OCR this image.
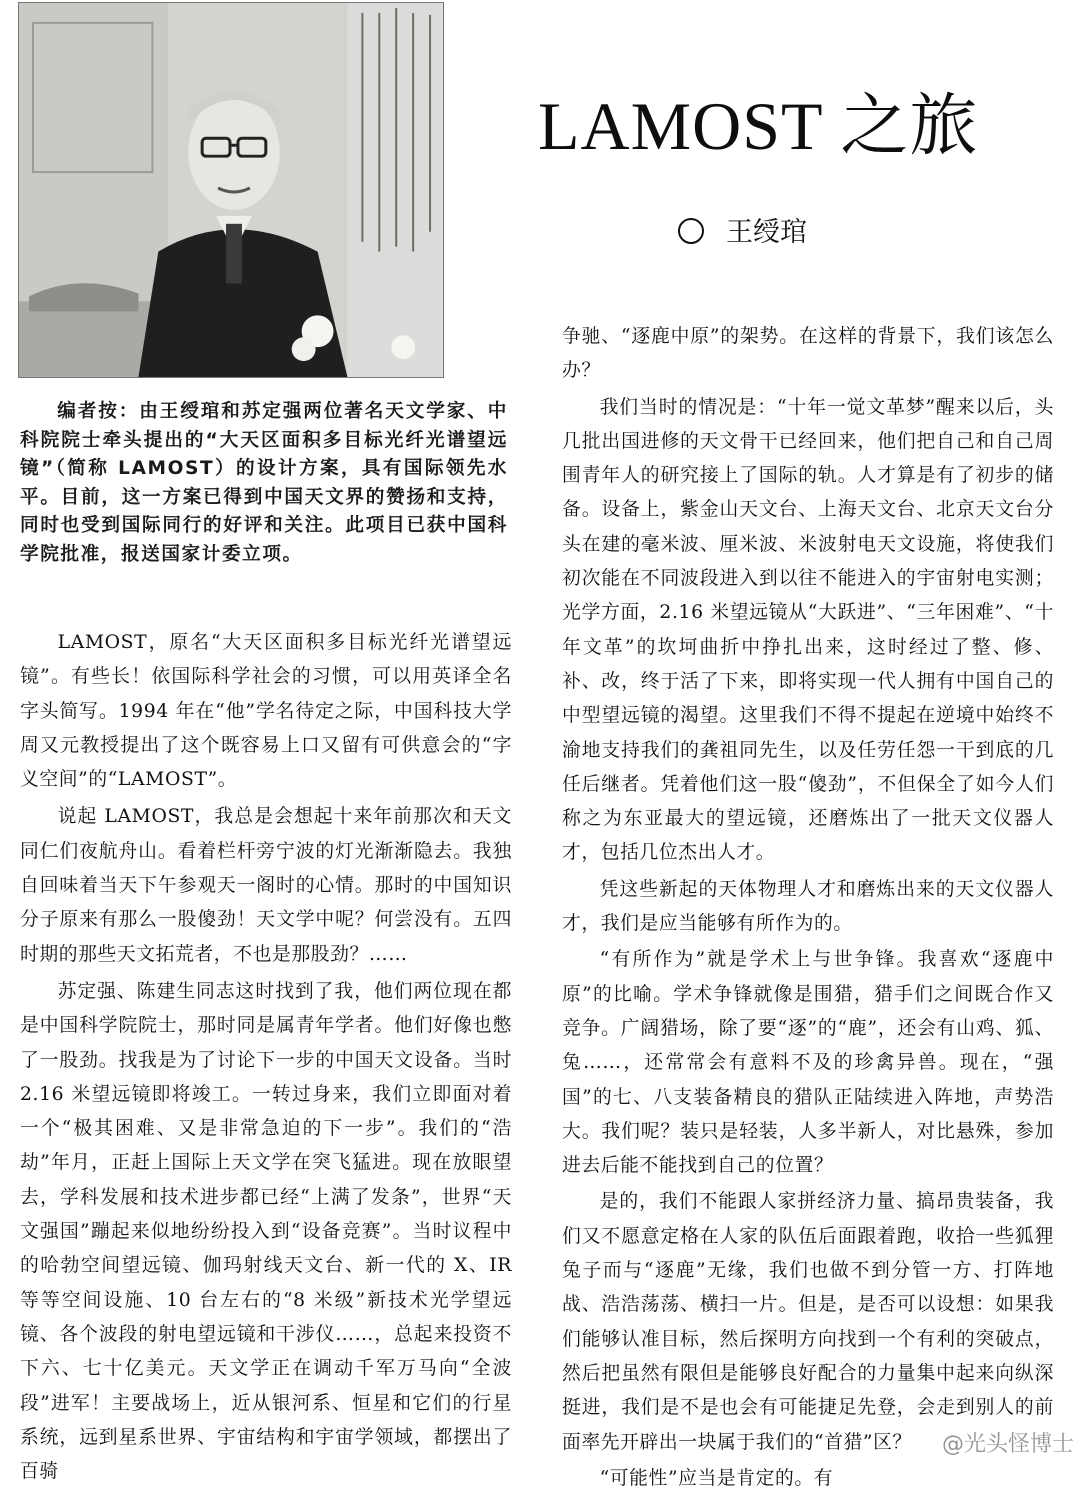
LAMOST 之旅
王绶琯

编者按：由王绶琯和苏定强两位著名天文学家、中科院院士牵头提出的“大天区面积多目标光纤光谱望远镜”（简称 LAMOST）的设计方案，具有国际领先水平。目前，这一方案已得到中国天文界的赞扬和支持，同时也受到国际同行的好评和关注。此项目已获中国科学院批准，报送国家计委立项。

LAMOST，原名“大天区面积多目标光纤光谱望远镜”。有些长！依国际科学社会的习惯，可以用英译全名字头简写。1994 年在“他”学名待定之际，中国科技大学周又元教授提出了这个既容易上口又留有可供意会的“字义空间”的“LAMOST”。

说起 LAMOST，我总是会想起十来年前那次和天文同仁们夜航舟山。看着栏杆旁宁波的灯光渐渐隐去。我独自回味着当天下午参观天一阁时的心情。那时的中国知识分子原来有那么一股傻劲！天文学中呢？何尝没有。五四时期的那些天文拓荒者，不也是那股劲？……

苏定强、陈建生同志这时找到了我，他们两位现在都是中国科学院院士，那时同是属青年学者。他们好像也憋了一股劲。找我是为了讨论下一步的中国天文设备。当时 2.16 米望远镜即将竣工。一转过身来，我们立即面对着一个“极其困难、又是非常急迫的下一步”。我们的“浩劫”年月，正赶上国际上天文学在突飞猛进。现在放眼望去，学科发展和技术进步都已经“上满了发条”，世界“天文强国”蹦起来似地纷纷投入到“设备竞赛”。当时议程中的哈勃空间望远镜、伽玛射线天文台、新一代的 X、IR 等等空间设施、10 台左右的“8 米级”新技术光学望远镜、各个波段的射电望远镜和干涉仪……，总起来投资不下六、七十亿美元。天文学正在调动千军万马向“全波段”进军！主要战场上，近从银河系、恒星和它们的行星系统，远到星系世界、宇宙结构和宇宙学领域，都摆出了百骑

争驰、“逐鹿中原”的架势。在这样的背景下，我们该怎么办？

我们当时的情况是：“十年一觉文革梦”醒来以后，头几批出国进修的天文骨干已经回来，他们把自己和自己周围青年人的研究接上了国际的轨。人才算是有了初步的储备。设备上，紫金山天文台、上海天文台、北京天文台分头在建的毫米波、厘米波、米波射电天文设施，将使我们初次能在不同波段进入到以往不能进入的宇宙射电实测；光学方面，2.16 米望远镜从“大跃进”、“三年困难”、“十年文革”的坎坷曲折中挣扎出来，这时经过了整、修、补、改，终于活了下来，即将实现一代人拥有中国自己的中型望远镜的渴望。这里我们不得不提起在逆境中始终不渝地支持我们的龚祖同先生，以及任劳任怨一干到底的几任后继者。凭着他们这一股“傻劲”，不但保全了如今人们称之为东亚最大的望远镜，还磨炼出了一批天文仪器人才，包括几位杰出人才。

凭这些新起的天体物理人才和磨炼出来的天文仪器人才，我们是应当能够有所作为的。

“有所作为”就是学术上与世争锋。我喜欢“逐鹿中原”的比喻。学术争锋就像是围猎，猎手们之间既合作又竞争。广阔猎场，除了要“逐”的“鹿”，还会有山鸡、狐、兔……，还常常会有意料不及的珍禽异兽。现在，“强国”的七、八支装备精良的猎队正陆续进入阵地，声势浩大。我们呢？装只是轻装，人多半新人，对比悬殊，参加进去后能不能找到自己的位置？

是的，我们不能跟人家拼经济力量、搞昂贵装备，我们又不愿意定格在人家的队伍后面跟着跑，收拾一些狐狸兔子而与“逐鹿”无缘，我们也做不到分管一方、打阵地战、浩浩荡荡、横扫一片。但是，是否可以设想：如果我们能够认准目标，然后探明方向找到一个有利的突破点，然后把虽然有限但是能够良好配合的力量集中起来向纵深挺进，我们是不是也会有可能捷足先登，会走到别人的前面率先开辟出一块属于我们的“首猎”区？

“可能性”应当是肯定的。有

@光头怪博士
